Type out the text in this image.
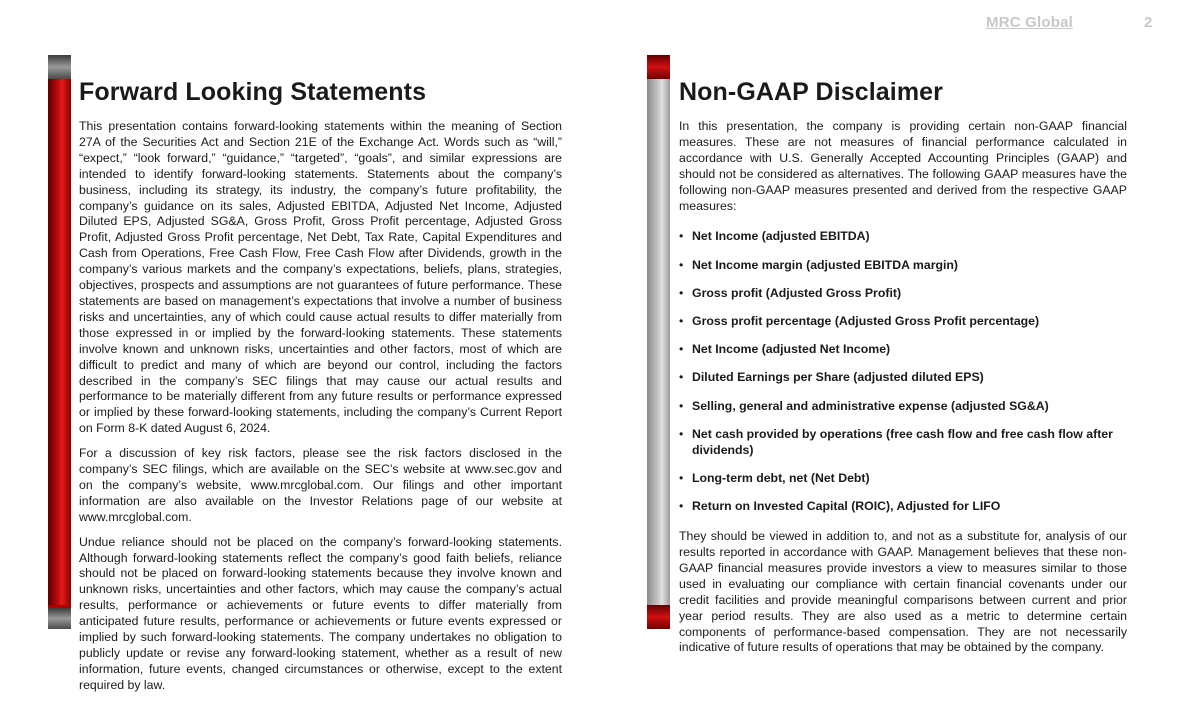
MRC Global	2
Forward Looking Statements

This presentation contains forward-looking statements within the meaning of Section 27A of the Securities Act and Section 21E of the Exchange Act. Words such as “will,” “expect,” “look forward,” “guidance,” “targeted”, “goals”, and similar expressions are intended to identify forward-looking statements. Statements about the company’s business, including its strategy, its industry, the company’s future profitability, the company’s guidance on its sales, Adjusted EBITDA, Adjusted Net Income, Adjusted Diluted EPS, Adjusted SG&A, Gross Profit, Gross Profit percentage, Adjusted Gross Profit, Adjusted Gross Profit percentage, Net Debt, Tax Rate, Capital Expenditures and Cash from Operations, Free Cash Flow, Free Cash Flow after Dividends, growth in the company’s various markets and the company’s expectations, beliefs, plans, strategies, objectives, prospects and assumptions are not guarantees of future performance. These statements are based on management’s expectations that involve a number of business risks and uncertainties, any of which could cause actual results to differ materially from those expressed in or implied by the forward-looking statements. These statements involve known and unknown risks, uncertainties and other factors, most of which are difficult to predict and many of which are beyond our control, including the factors described in the company’s SEC filings that may cause our actual results and performance to be materially different from any future results or performance expressed or implied by these forward-looking statements, including the company’s Current Report on Form 8-K dated August 6, 2024.

For a discussion of key risk factors, please see the risk factors disclosed in the company’s SEC filings, which are available on the SEC’s website at www.sec.gov and on the company’s website, www.mrcglobal.com. Our filings and other important information are also available on the Investor Relations page of our website at www.mrcglobal.com.

Undue reliance should not be placed on the company’s forward-looking statements. Although forward-looking statements reflect the company’s good faith beliefs, reliance should not be placed on forward-looking statements because they involve known and unknown risks, uncertainties and other factors, which may cause the company’s actual results, performance or achievements or future events to differ materially from anticipated future results, performance or achievements or future events expressed or implied by such forward-looking statements. The company undertakes no obligation to publicly update or revise any forward-looking statement, whether as a result of new information, future events, changed circumstances or otherwise, except to the extent required by law.

Non-GAAP Disclaimer

In this presentation, the company is providing certain non-GAAP financial measures. These are not measures of financial performance calculated in accordance with U.S. Generally Accepted Accounting Principles (GAAP) and should not be considered as alternatives. The following GAAP measures have the following non-GAAP measures presented and derived from the respective GAAP measures:

• Net Income (adjusted EBITDA)
• Net Income margin (adjusted EBITDA margin)
• Gross profit (Adjusted Gross Profit)
• Gross profit percentage (Adjusted Gross Profit percentage)
• Net Income (adjusted Net Income)
• Diluted Earnings per Share (adjusted diluted EPS)
• Selling, general and administrative expense (adjusted SG&A)
• Net cash provided by operations (free cash flow and free cash flow after dividends)
• Long-term debt, net (Net Debt)
• Return on Invested Capital (ROIC), Adjusted for LIFO

They should be viewed in addition to, and not as a substitute for, analysis of our results reported in accordance with GAAP. Management believes that these non-GAAP financial measures provide investors a view to measures similar to those used in evaluating our compliance with certain financial covenants under our credit facilities and provide meaningful comparisons between current and prior year period results. They are also used as a metric to determine certain components of performance-based compensation. They are not necessarily indicative of future results of operations that may be obtained by the company.
